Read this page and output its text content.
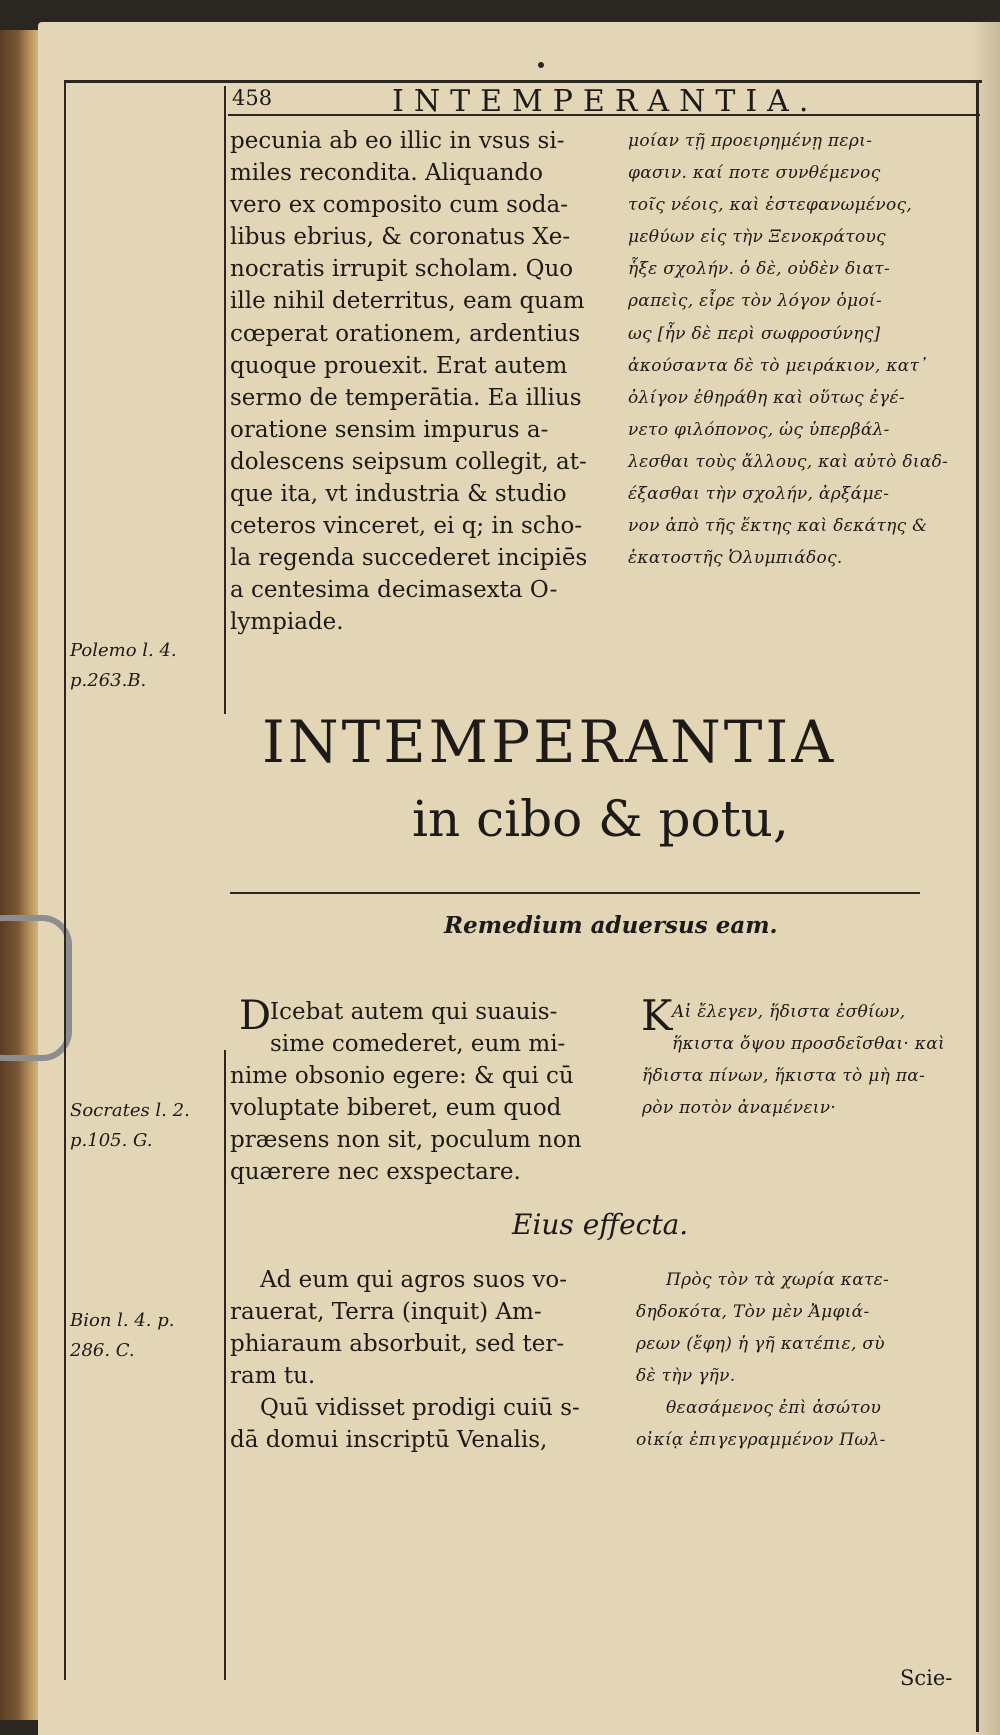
458	INTEMPERANTIA.
pecunia ab eo illic in vsus si-
miles recondita. Aliquando
vero ex composito cum soda-
libus ebrius, & coronatus Xe-
nocratis irrupit scholam. Quo
ille nihil deterritus, eam quam
cœperat orationem, ardentius
quoque prouexit. Erat autem
sermo de temperātia. Ea illius
oratione sensim impurus a-
dolescens seipsum collegit, at-
que ita, vt industria & studio
ceteros vinceret, ei q; in scho-
la regenda succederet incipiēs
a centesima decimasexta O-
lympiade.
μοίαν τῇ προειρημένῃ περι-
φασιν. καί ποτε συνθέμενος
τοῖς νέοις, καὶ ἐστεφανωμένος,
μεθύων εἰς τὴν Ξενοκράτους
ἧξε σχολήν. ὁ δὲ, οὐδὲν διατ-
ραπεὶς, εἶρε τὸν λόγον ὁμοί-
ως [ἦν δὲ περὶ σωφροσύνης]
ἀκούσαντα δὲ τὸ μειράκιον, κατ᾿
ὀλίγον ἐθηράθη καὶ οὕτως ἐγέ-
νετο φιλόπονος, ὡς ὑπερβάλ-
λεσθαι τοὺς ἄλλους, καὶ αὐτὸ διαδ-
έξασθαι τὴν σχολήν, ἀρξάμε-
νον ἀπὸ τῆς ἕκτης καὶ δεκάτης &
ἑκατοστῆς Ὀλυμπιάδος.
Polemo l. 4.
p.263.B.
INTEMPERANTIA
in cibo & potu,
Remedium aduersus eam.
D
Icebat autem qui suauis-
sime comederet, eum mi-
nime obsonio egere: & qui cū
voluptate biberet, eum quod
præsens non sit, poculum non
quærere nec exspectare.
K Αἰ ἔλεγεν, ἥδιστα ἐσθίων,
ἥκιστα ὄψου προσδεῖσθαι· καὶ
ἥδιστα πίνων, ἥκιστα τὸ μὴ πα-
ρὸν ποτὸν ἀναμένειν·
Socrates l. 2.
p.105. G.
Eius effecta.
Ad eum qui agros suos vo-
rauerat, Terra (inquit) Am-
phiaraum absorbuit, sed ter-
ram tu.
Quū vidisset prodigi cuiū s-
dā domui inscriptū Venalis,
Πρὸς τὸν τὰ χωρία κατε-
δηδοκότα, Τὸν μὲν Ἀμφιά-
ρεων (ἔφη) ἡ γῆ κατέπιε, σὺ
δὲ τὴν γῆν.
θεασάμενος ἐπὶ ἀσώτου
οἰκίᾳ ἐπιγεγραμμένον Πωλ-
Bion l. 4. p.
286. C.
Scie-
